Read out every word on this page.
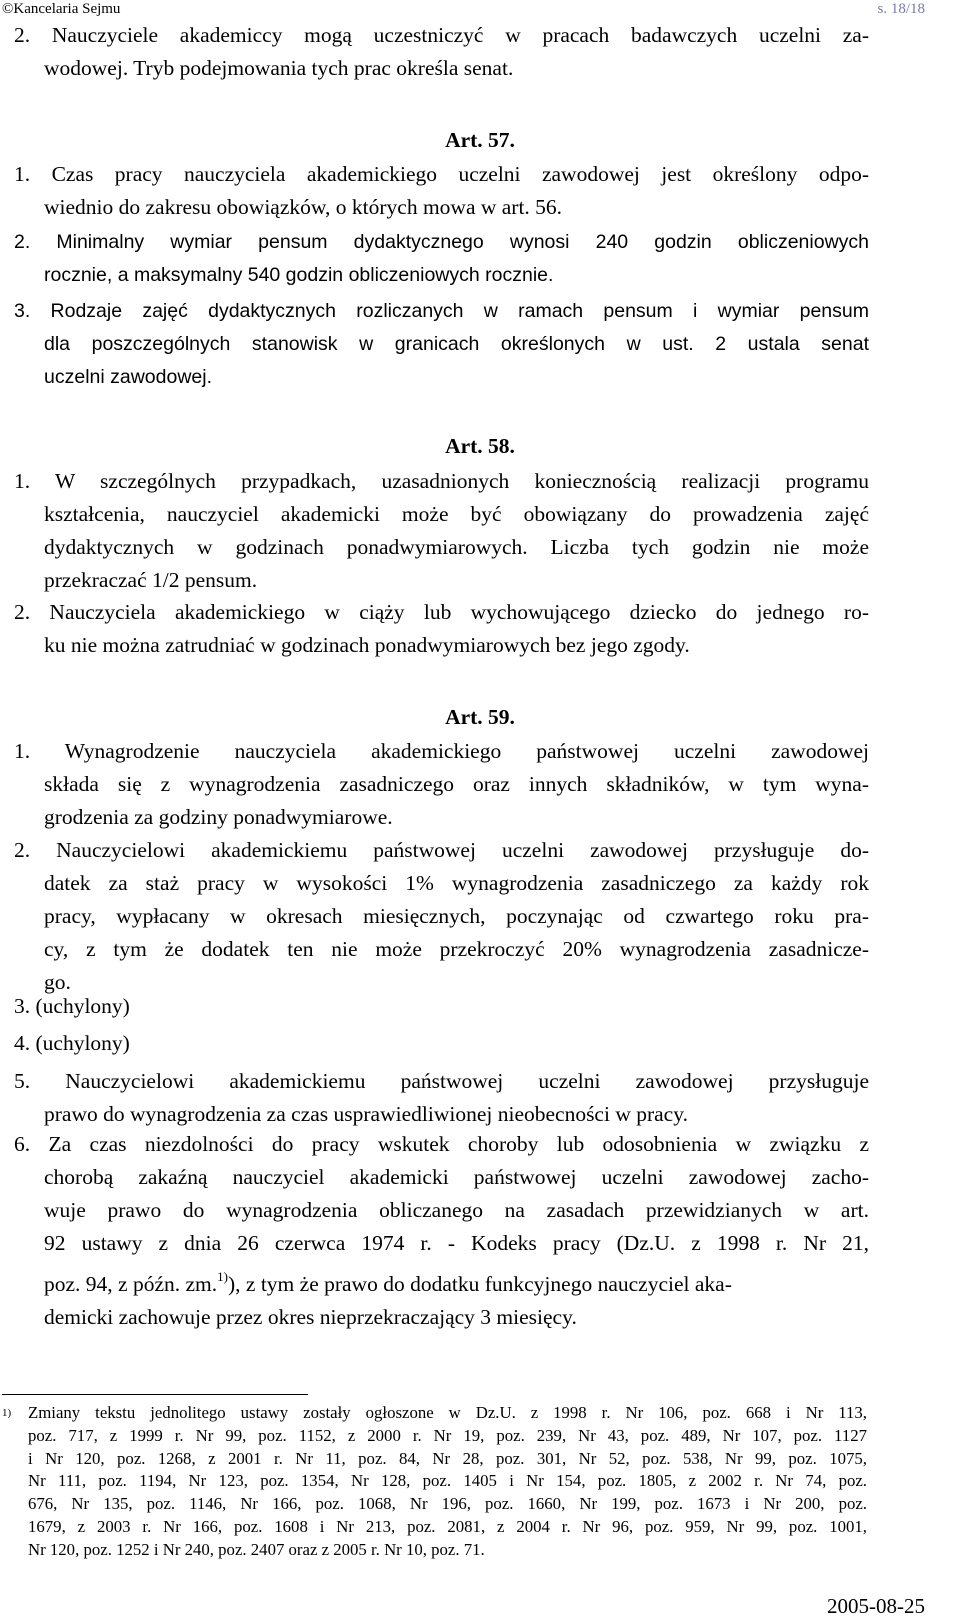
©Kancelaria Sejmu	s. 18/18
2. Nauczyciele akademiccy mogą uczestniczyć w pracach badawczych uczelni za-
wodowej. Tryb podejmowania tych prac określa senat.
Art. 57.
1. Czas pracy nauczyciela akademickiego uczelni zawodowej jest określony odpo-
wiednio do zakresu obowiązków, o których mowa w art. 56.
2. Minimalny wymiar pensum dydaktycznego wynosi 240 godzin obliczeniowych
rocznie, a maksymalny 540 godzin obliczeniowych rocznie.
3. Rodzaje zajęć dydaktycznych rozliczanych w ramach pensum i wymiar pensum
dla poszczególnych stanowisk w granicach określonych w ust. 2 ustala senat
uczelni zawodowej.
Art. 58.
1. W szczególnych przypadkach, uzasadnionych koniecznością realizacji programu
kształcenia, nauczyciel akademicki może być obowiązany do prowadzenia zajęć
dydaktycznych w godzinach ponadwymiarowych. Liczba tych godzin nie może
przekraczać 1/2 pensum.
2. Nauczyciela akademickiego w ciąży lub wychowującego dziecko do jednego ro-
ku nie można zatrudniać w godzinach ponadwymiarowych bez jego zgody.
Art. 59.
1. Wynagrodzenie nauczyciela akademickiego państwowej uczelni zawodowej
składa się z wynagrodzenia zasadniczego oraz innych składników, w tym wyna-
grodzenia za godziny ponadwymiarowe.
2. Nauczycielowi akademickiemu państwowej uczelni zawodowej przysługuje do-
datek za staż pracy w wysokości 1% wynagrodzenia zasadniczego za każdy rok
pracy, wypłacany w okresach miesięcznych, poczynając od czwartego roku pra-
cy, z tym że dodatek ten nie może przekroczyć 20% wynagrodzenia zasadnicze-
go.
3. (uchylony)
4. (uchylony)
5. Nauczycielowi akademickiemu państwowej uczelni zawodowej przysługuje
prawo do wynagrodzenia za czas usprawiedliwionej nieobecności w pracy.
6. Za czas niezdolności do pracy wskutek choroby lub odosobnienia w związku z
chorobą zakaźną nauczyciel akademicki państwowej uczelni zawodowej zacho-
wuje prawo do wynagrodzenia obliczanego na zasadach przewidzianych w art.
92 ustawy z dnia 26 czerwca 1974 r. - Kodeks pracy (Dz.U. z 1998 r. Nr 21,
poz. 94, z późn. zm.$^{1)}$), z tym że prawo do dodatku funkcyjnego nauczyciel aka-
demicki zachowuje przez okres nieprzekraczający 3 miesięcy.
1)	Zmiany tekstu jednolitego ustawy zostały ogłoszone w Dz.U. z 1998 r. Nr 106, poz. 668 i Nr 113,
poz. 717, z 1999 r. Nr 99, poz. 1152, z 2000 r. Nr 19, poz. 239, Nr 43, poz. 489, Nr 107, poz. 1127
i Nr 120, poz. 1268, z 2001 r. Nr 11, poz. 84, Nr 28, poz. 301, Nr 52, poz. 538, Nr 99, poz. 1075,
Nr 111, poz. 1194, Nr 123, poz. 1354, Nr 128, poz. 1405 i Nr 154, poz. 1805, z 2002 r. Nr 74, poz.
676, Nr 135, poz. 1146, Nr 166, poz. 1068, Nr 196, poz. 1660, Nr 199, poz. 1673 i Nr 200, poz.
1679, z 2003 r. Nr 166, poz. 1608 i Nr 213, poz. 2081, z 2004 r. Nr 96, poz. 959, Nr 99, poz. 1001,
Nr 120, poz. 1252 i Nr 240, poz. 2407 oraz z 2005 r. Nr 10, poz. 71.
2005-08-25
